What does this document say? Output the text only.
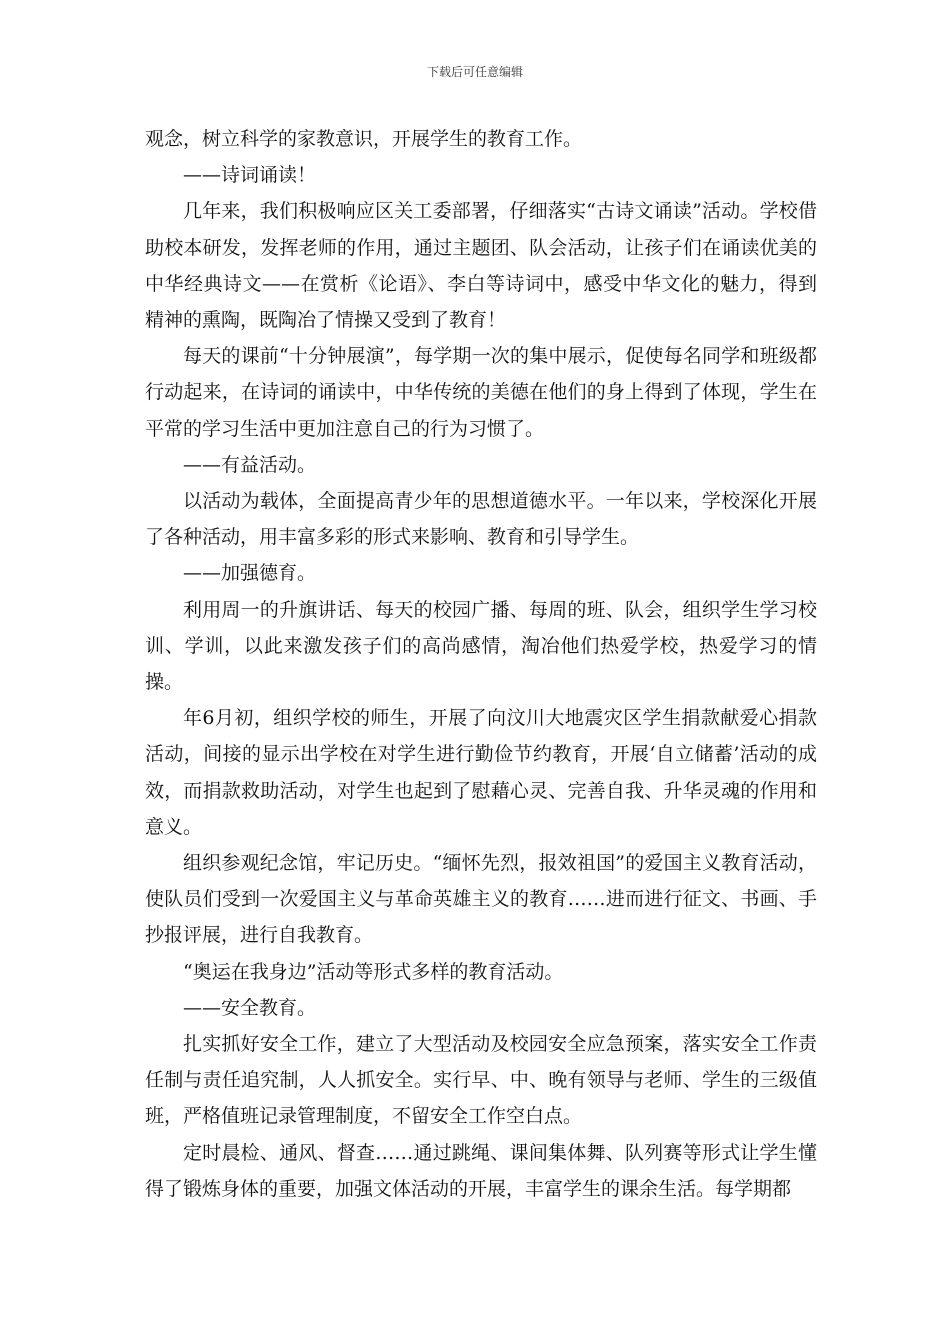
下载后可任意编辑

观念，树立科学的家教意识，开展学生的教育工作。

——诗词诵读！

几年来，我们积极响应区关工委部署，仔细落实“古诗文诵读”活动。学校借助校本研发，发挥老师的作用，通过主题团、队会活动，让孩子们在诵读优美的中华经典诗文——在赏析《论语》、李白等诗词中，感受中华文化的魅力，得到精神的熏陶，既陶冶了情操又受到了教育！

每天的课前“十分钟展演”，每学期一次的集中展示，促使每名同学和班级都行动起来，在诗词的诵读中，中华传统的美德在他们的身上得到了体现，学生在平常的学习生活中更加注意自己的行为习惯了。

——有益活动。

以活动为载体，全面提高青少年的思想道德水平。一年以来，学校深化开展了各种活动，用丰富多彩的形式来影响、教育和引导学生。

——加强德育。

利用周一的升旗讲话、每天的校园广播、每周的班、队会，组织学生学习校训、学训，以此来激发孩子们的高尚感情，淘冶他们热爱学校，热爱学习的情操。

年6月初，组织学校的师生，开展了向汶川大地震灾区学生捐款献爱心捐款活动，间接的显示出学校在对学生进行勤俭节约教育，开展‘自立储蓄’活动的成效，而捐款救助活动，对学生也起到了慰藉心灵、完善自我、升华灵魂的作用和意义。

组织参观纪念馆，牢记历史。“缅怀先烈，报效祖国”的爱国主义教育活动，使队员们受到一次爱国主义与革命英雄主义的教育……进而进行征文、书画、手抄报评展，进行自我教育。

“奥运在我身边”活动等形式多样的教育活动。

——安全教育。

扎实抓好安全工作，建立了大型活动及校园安全应急预案，落实安全工作责任制与责任追究制，人人抓安全。实行早、中、晚有领导与老师、学生的三级值班，严格值班记录管理制度，不留安全工作空白点。

定时晨检、通风、督查……通过跳绳、课间集体舞、队列赛等形式让学生懂得了锻炼身体的重要，加强文体活动的开展，丰富学生的课余生活。每学期都
